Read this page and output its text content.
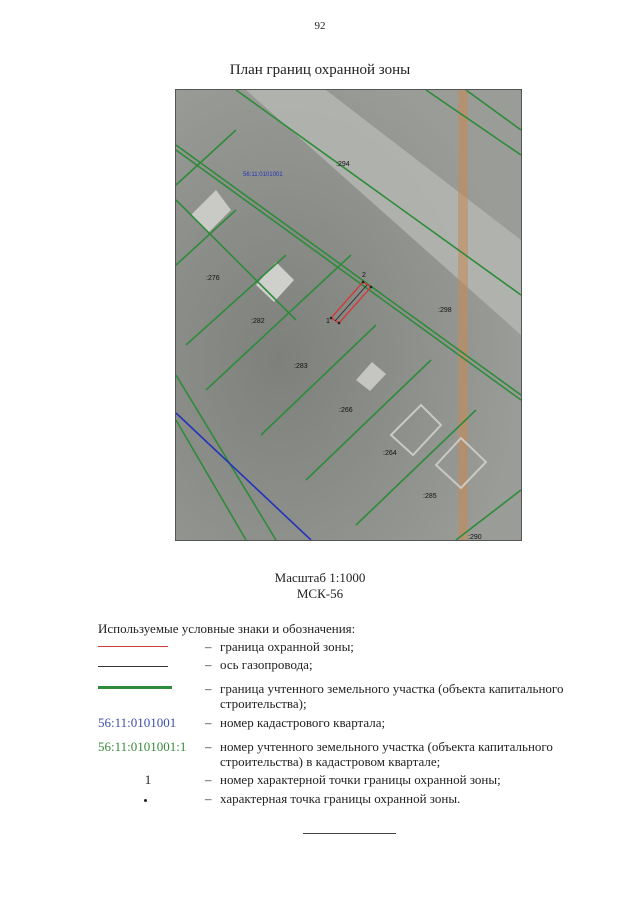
92
План границ охранной зоны
56:11:0101001
:294
:276
:282
:283
:266
:264
:285
:298
:290
1
2
Масштаб 1:1000
МСК-56
Используемые условные знаки и обозначения:
– граница охранной зоны;
– ось газопровода;
– граница учтенного земельного участка (объекта капитального строительства);
56:11:0101001	– номер кадастрового квартала;
56:11:0101001:1	– номер учтенного земельного участка (объекта капитального строительства) в кадастровом квартале;
1	– номер характерной точки границы охранной зоны;
– характерная точка границы охранной зоны.
